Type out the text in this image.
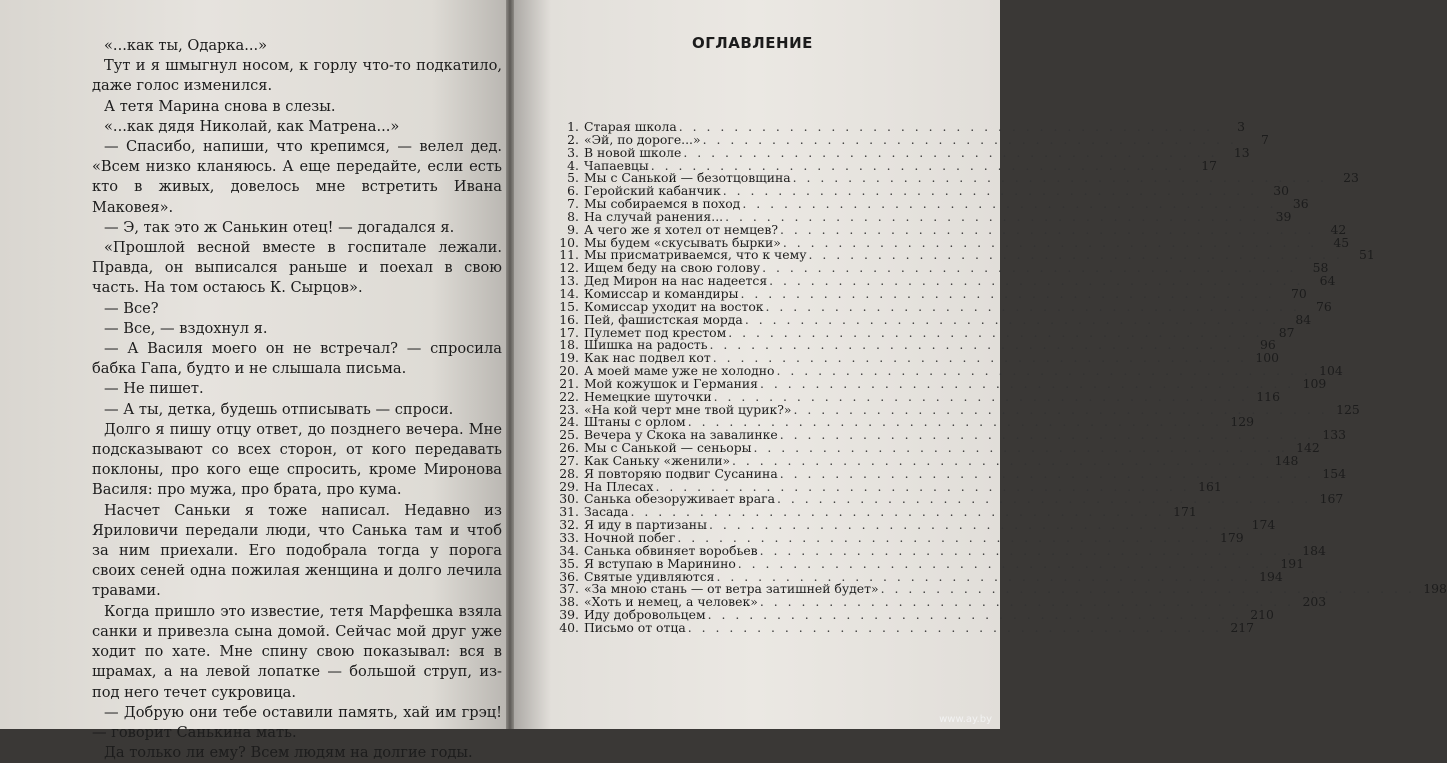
«...как ты, Одарка...»

Тут и я шмыгнул носом, к горлу что-то подкатило, даже голос изменился.

А тетя Марина снова в слезы.

«...как дядя Николай, как Матрена...»

— Спасибо, напиши, что крепимся, — велел дед. «Всем низко кланяюсь. А еще передайте, если есть кто в живых, довелось мне встретить Ивана Маковея».

— Э, так это ж Санькин отец! — догадался я.

«Прошлой весной вместе в госпитале лежали. Правда, он выписался раньше и поехал в свою часть. На том остаюсь К. Сырцов».

— Все?

— Все, — вздохнул я.

— А Василя моего он не встречал? — спросила бабка Гапа, будто и не слышала письма.

— Не пишет.

— А ты, детка, будешь отписывать — спроси.

Долго я пишу отцу ответ, до позднего вечера. Мне подсказывают со всех сторон, от кого передавать поклоны, про кого еще спросить, кроме Миронова Василя: про мужа, про брата, про кума.

Насчет Саньки я тоже написал. Недавно из Яриловичи передали люди, что Санька там и чтоб за ним приехали. Его подобрала тогда у порога своих сеней одна пожилая женщина и долго лечила травами.

Когда пришло это известие, тетя Марфешка взяла санки и привезла сына домой. Сейчас мой друг уже ходит по хате. Мне спину свою показывал: вся в шрамах, а на левой лопатке — большой струп, из-под него течет сукровица.

— Добрую они тебе оставили память, хай им грэц! — говорит Санькина мать.

Да только ли ему? Всем людям на долгие годы.

ОГЛАВЛЕНИЕ
1. Старая школа . . . . . . . . . . . . . . . . . . . . . . . . . . . . . . . . . . . . . . .	3
2. «Эй, по дороге...» . . . . . . . . . . . . . . . . . . . . . . . . . . . . . . . . . . . . . . .	7
3. В новой школе . . . . . . . . . . . . . . . . . . . . . . . . . . . . . . . . . . . . . . .	13
4. Чапаевцы . . . . . . . . . . . . . . . . . . . . . . . . . . . . . . . . . . . . . . .	17
5. Мы с Санькой — безотцовщина . . . . . . . . . . . . . . . . . . . . . . . . . . . . . . . . . . . . . . .	23
6. Геройский кабанчик . . . . . . . . . . . . . . . . . . . . . . . . . . . . . . . . . . . . . . .	30
7. Мы собираемся в поход . . . . . . . . . . . . . . . . . . . . . . . . . . . . . . . . . . . . . . .	36
8. На случай ранения... . . . . . . . . . . . . . . . . . . . . . . . . . . . . . . . . . . . . . . .	39
9. А чего же я хотел от немцев? . . . . . . . . . . . . . . . . . . . . . . . . . . . . . . . . . . . . . . .	42
10. Мы будем «скусывать бырки» . . . . . . . . . . . . . . . . . . . . . . . . . . . . . . . . . . . . . . .	45
11. Мы присматриваемся, что к чему . . . . . . . . . . . . . . . . . . . . . . . . . . . . . . . . . . . . . . .	51
12. Ищем беду на свою голову . . . . . . . . . . . . . . . . . . . . . . . . . . . . . . . . . . . . . . .	58
13. Дед Мирон на нас надеется . . . . . . . . . . . . . . . . . . . . . . . . . . . . . . . . . . . . . . .	64
14. Комиссар и командиры . . . . . . . . . . . . . . . . . . . . . . . . . . . . . . . . . . . . . . .	70
15. Комиссар уходит на восток . . . . . . . . . . . . . . . . . . . . . . . . . . . . . . . . . . . . . . .	76
16. Пей, фашистская морда . . . . . . . . . . . . . . . . . . . . . . . . . . . . . . . . . . . . . . .	84
17. Пулемет под крестом . . . . . . . . . . . . . . . . . . . . . . . . . . . . . . . . . . . . . . .	87
18. Шишка на радость . . . . . . . . . . . . . . . . . . . . . . . . . . . . . . . . . . . . . . .	96
19. Как нас подвел кот . . . . . . . . . . . . . . . . . . . . . . . . . . . . . . . . . . . . . . . 100
20. А моей маме уже не холодно . . . . . . . . . . . . . . . . . . . . . . . . . . . . . . . . . . . . . . . 104
21. Мой кожушок и Германия . . . . . . . . . . . . . . . . . . . . . . . . . . . . . . . . . . . . . . . 109
22. Немецкие шуточки . . . . . . . . . . . . . . . . . . . . . . . . . . . . . . . . . . . . . . . 116
23. «На кой черт мне твой цурик?» . . . . . . . . . . . . . . . . . . . . . . . . . . . . . . . . . . . . . . . 125
24. Штаны с орлом . . . . . . . . . . . . . . . . . . . . . . . . . . . . . . . . . . . . . . . 129
25. Вечера у Скока на завалинке . . . . . . . . . . . . . . . . . . . . . . . . . . . . . . . . . . . . . . . 133
26. Мы с Санькой — сеньоры . . . . . . . . . . . . . . . . . . . . . . . . . . . . . . . . . . . . . . . 142
27. Как Саньку «женили» . . . . . . . . . . . . . . . . . . . . . . . . . . . . . . . . . . . . . . . 148
28. Я повторяю подвиг Сусанина . . . . . . . . . . . . . . . . . . . . . . . . . . . . . . . . . . . . . . . 154
29. На Плесах . . . . . . . . . . . . . . . . . . . . . . . . . . . . . . . . . . . . . . . 161
30. Санька обезоруживает врага . . . . . . . . . . . . . . . . . . . . . . . . . . . . . . . . . . . . . . . 167
31. Засада . . . . . . . . . . . . . . . . . . . . . . . . . . . . . . . . . . . . . . . 171
32. Я иду в партизаны . . . . . . . . . . . . . . . . . . . . . . . . . . . . . . . . . . . . . . . 174
33. Ночной побег . . . . . . . . . . . . . . . . . . . . . . . . . . . . . . . . . . . . . . . 179
34. Санька обвиняет воробьев . . . . . . . . . . . . . . . . . . . . . . . . . . . . . . . . . . . . . . . 184
35. Я вступаю в Маринино . . . . . . . . . . . . . . . . . . . . . . . . . . . . . . . . . . . . . . . 191
36. Святые удивляются . . . . . . . . . . . . . . . . . . . . . . . . . . . . . . . . . . . . . . . 194
37. «За мною стань — от ветра затишней будет» . . . . . . . . . . . . . . . . . . . . . . . . . . . . . . . . . . . . . . . 198
38. «Хоть и немец, а человек» . . . . . . . . . . . . . . . . . . . . . . . . . . . . . . . . . . . . . . . 203
39. Иду добровольцем . . . . . . . . . . . . . . . . . . . . . . . . . . . . . . . . . . . . . . . 210
40. Письмо от отца . . . . . . . . . . . . . . . . . . . . . . . . . . . . . . . . . . . . . . . 217
www.ay.by
